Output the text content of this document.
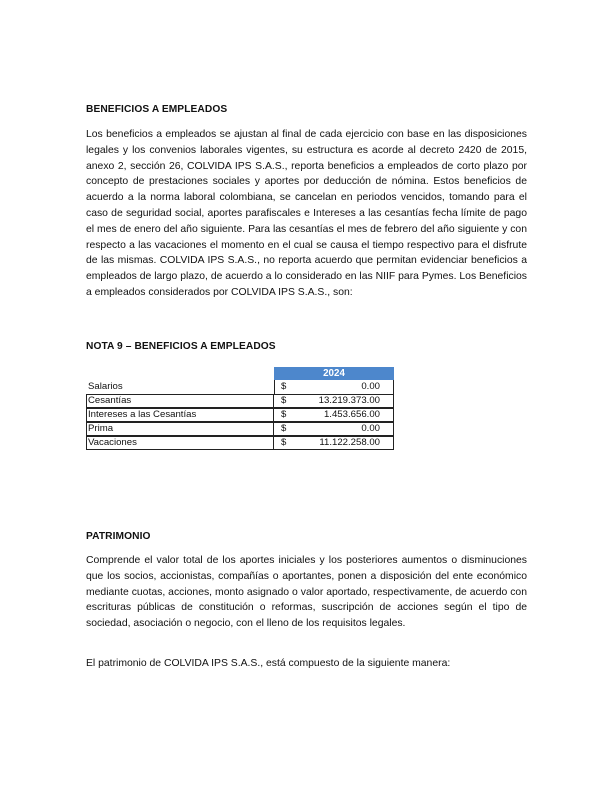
BENEFICIOS A EMPLEADOS

Los beneficios a empleados se ajustan al final de cada ejercicio con base en las disposiciones legales y los convenios laborales vigentes, su estructura es acorde al decreto 2420 de 2015, anexo 2, sección 26, COLVIDA IPS S.A.S., reporta beneficios a empleados de corto plazo por concepto de prestaciones sociales y aportes por deducción de nómina. Estos beneficios de acuerdo a la norma laboral colombiana, se cancelan en periodos vencidos, tomando para el caso de seguridad social, aportes parafiscales e Intereses a las cesantías fecha límite de pago el mes de enero del año siguiente. Para las cesantías el mes de febrero del año siguiente y con respecto a las vacaciones el momento en el cual se causa el tiempo respectivo para el disfrute de las mismas. COLVIDA IPS S.A.S., no reporta acuerdo que permitan evidenciar beneficios a empleados de largo plazo, de acuerdo a lo considerado en las NIIF para Pymes. Los Beneficios a empleados considerados por COLVIDA IPS S.A.S., son:

NOTA 9 – BENEFICIOS A EMPLEADOS
2024
Salarios	$	0.00
Cesantías	$	13.219.373.00
Intereses a las Cesantías	$	1.453.656.00
Prima	$	0.00
Vacaciones	$	11.122.258.00
PATRIMONIO

Comprende el valor total de los aportes iniciales y los posteriores aumentos o disminuciones que los socios, accionistas, compañías o aportantes, ponen a disposición del ente económico mediante cuotas, acciones, monto asignado o valor aportado, respectivamente, de acuerdo con escrituras públicas de constitución o reformas, suscripción de acciones según el tipo de sociedad, asociación o negocio, con el lleno de los requisitos legales.

El patrimonio de COLVIDA IPS S.A.S., está compuesto de la siguiente manera:
